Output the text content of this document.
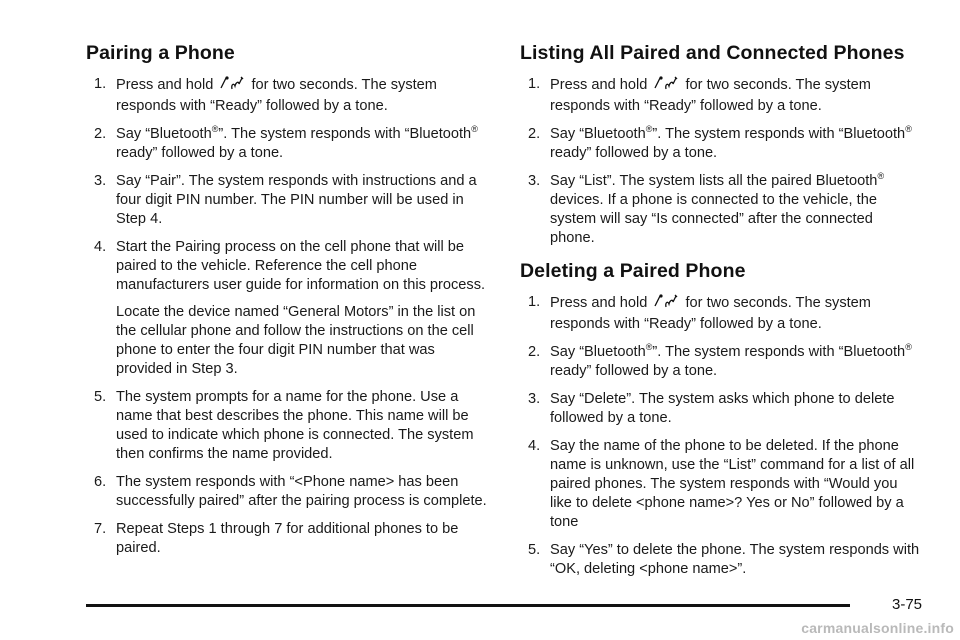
Pairing a Phone
1. Press and hold	for two seconds. The system responds with “Ready” followed by a tone.
2. Say “Bluetooth®”. The system responds with “Bluetooth® ready” followed by a tone.
3. Say “Pair”. The system responds with instructions and a four digit PIN number. The PIN number will be used in Step 4.
4. Start the Pairing process on the cell phone that will be paired to the vehicle. Reference the cell phone manufacturers user guide for information on this process.

Locate the device named “General Motors” in the list on the cellular phone and follow the instructions on the cell phone to enter the four digit PIN number that was provided in Step 3.

5. The system prompts for a name for the phone. Use a name that best describes the phone. This name will be used to indicate which phone is connected. The system then confirms the name provided.
6. The system responds with “<Phone name> has been successfully paired” after the pairing process is complete.
7. Repeat Steps 1 through 7 for additional phones to be paired.
Listing All Paired and Connected Phones
1. Press and hold	for two seconds. The system responds with “Ready” followed by a tone.
2. Say “Bluetooth®”. The system responds with “Bluetooth® ready” followed by a tone.
3. Say “List”. The system lists all the paired Bluetooth® devices. If a phone is connected to the vehicle, the system will say “Is connected” after the connected phone.
Deleting a Paired Phone
1. Press and hold	for two seconds. The system responds with “Ready” followed by a tone.
2. Say “Bluetooth®”. The system responds with “Bluetooth® ready” followed by a tone.
3. Say “Delete”. The system asks which phone to delete followed by a tone.
4. Say the name of the phone to be deleted. If the phone name is unknown, use the “List” command for a list of all paired phones. The system responds with “Would you like to delete <phone name>? Yes or No” followed by a tone
5. Say “Yes” to delete the phone. The system responds with “OK, deleting <phone name>”.
3-75
carmanualsonline.info
